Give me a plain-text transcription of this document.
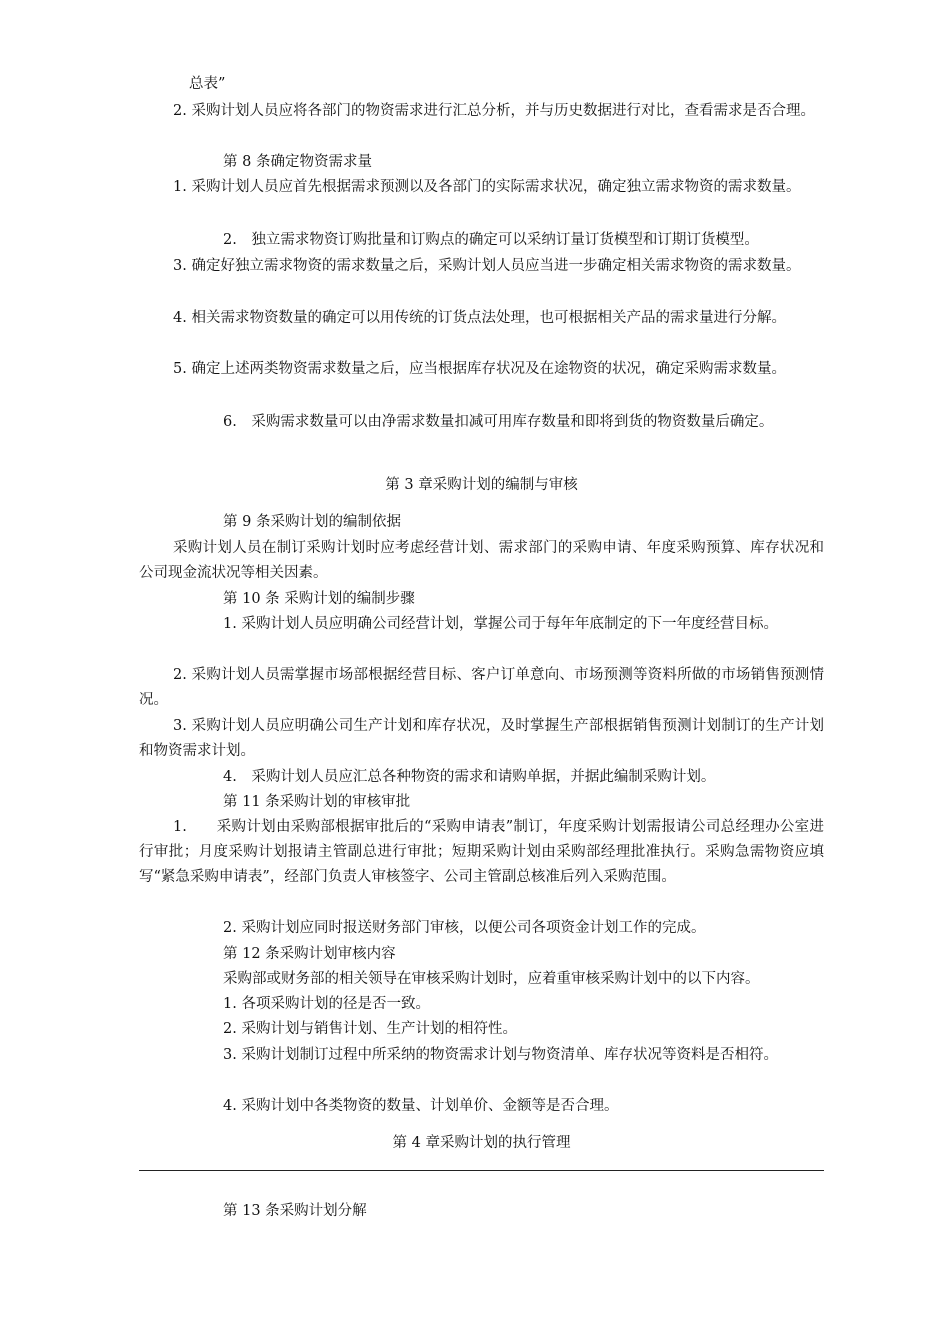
总表”

2. 采购计划人员应将各部门的物资需求进行汇总分析，并与历史数据进行对比，查看需求是否合理。

第 8 条确定物资需求量

1. 采购计划人员应首先根据需求预测以及各部门的实际需求状况，确定独立需求物资的需求数量。

2.　独立需求物资订购批量和订购点的确定可以采纳订量订货模型和订期订货模型。

3. 确定好独立需求物资的需求数量之后，采购计划人员应当进一步确定相关需求物资的需求数量。

4. 相关需求物资数量的确定可以用传统的订货点法处理，也可根据相关产品的需求量进行分解。

5. 确定上述两类物资需求数量之后，应当根据库存状况及在途物资的状况，确定采购需求数量。

6.　采购需求数量可以由净需求数量扣减可用库存数量和即将到货的物资数量后确定。

第 3 章采购计划的编制与审核

第 9 条采购计划的编制依据

采购计划人员在制订采购计划时应考虑经营计划、需求部门的采购申请、年度采购预算、库存状况和公司现金流状况等相关因素。

第 10 条 采购计划的编制步骤

1. 采购计划人员应明确公司经营计划，掌握公司于每年年底制定的下一年度经营目标。

2. 采购计划人员需掌握市场部根据经营目标、客户订单意向、市场预测等资料所做的市场销售预测情况。

3. 采购计划人员应明确公司生产计划和库存状况，及时掌握生产部根据销售预测计划制订的生产计划和物资需求计划。

4.　采购计划人员应汇总各种物资的需求和请购单据，并据此编制采购计划。

第 11 条采购计划的审核审批

1.　　采购计划由采购部根据审批后的“采购申请表”制订，年度采购计划需报请公司总经理办公室进行审批；月度采购计划报请主管副总进行审批；短期采购计划由采购部经理批准执行。采购急需物资应填写“紧急采购申请表”，经部门负责人审核签字、公司主管副总核准后列入采购范围。

2. 采购计划应同时报送财务部门审核，以便公司各项资金计划工作的完成。

第 12 条采购计划审核内容

采购部或财务部的相关领导在审核采购计划时，应着重审核采购计划中的以下内容。

1. 各项采购计划的径是否一致。

2. 采购计划与销售计划、生产计划的相符性。

3. 采购计划制订过程中所采纳的物资需求计划与物资清单、库存状况等资料是否相符。

4. 采购计划中各类物资的数量、计划单价、金额等是否合理。

第 4 章采购计划的执行管理

第 13 条采购计划分解
